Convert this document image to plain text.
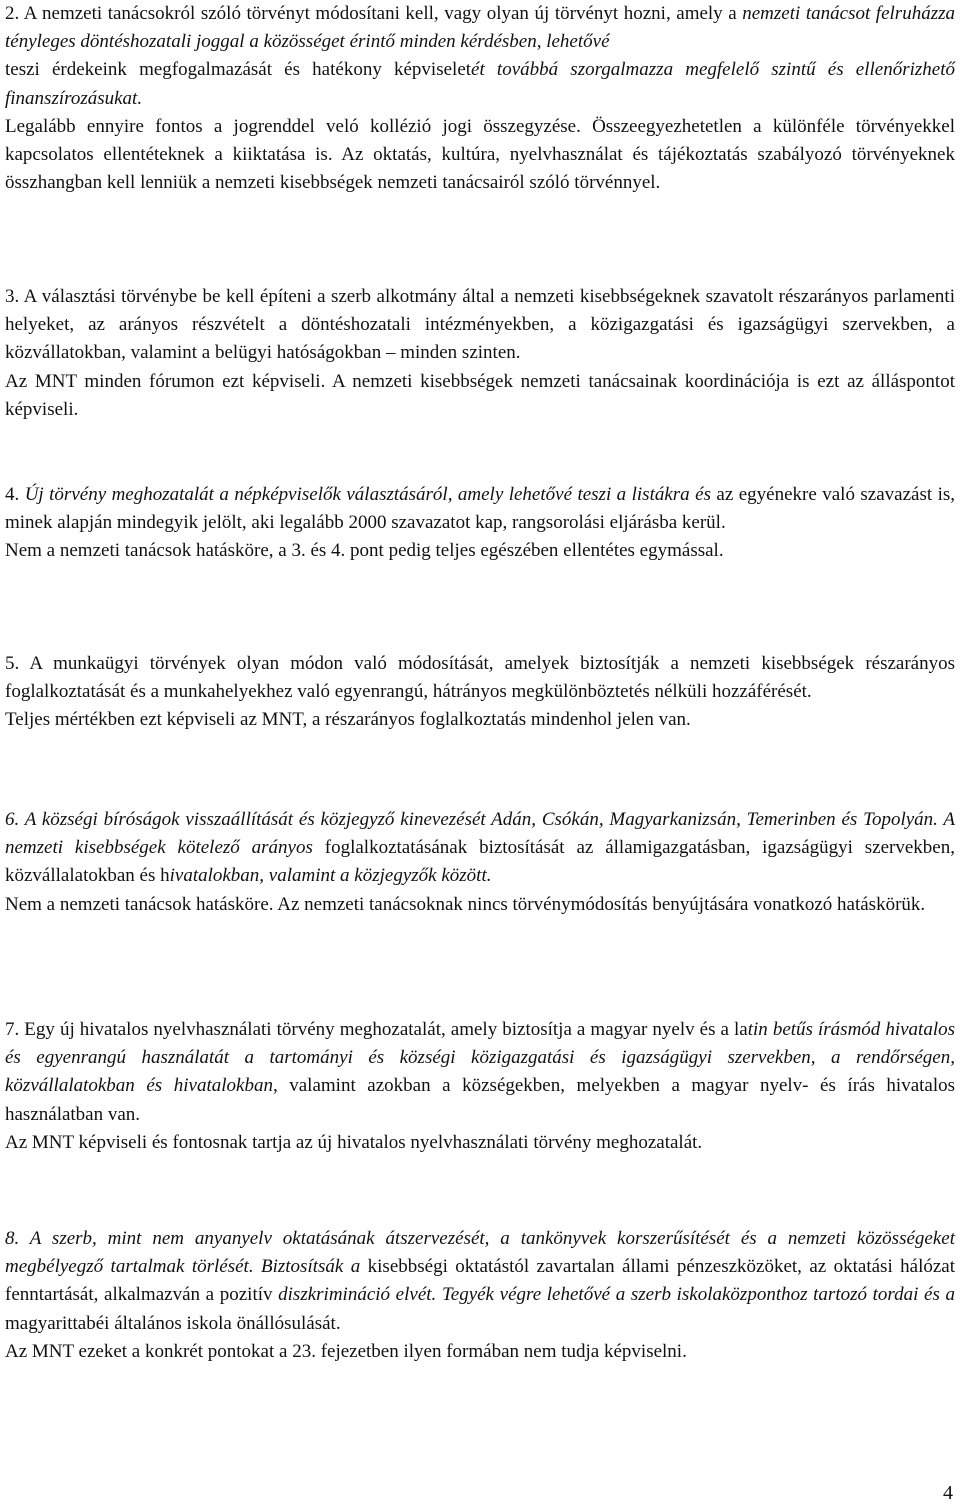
2. A nemzeti tanácsokról szóló törvényt módosítani kell, vagy olyan új törvényt hozni, amely a nemzeti tanácsot felruházza tényleges döntéshozatali joggal a közösséget érintő minden kérdésben, lehetővé
teszi érdekeink megfogalmazását és hatékony képviseletét továbbá szorgalmazza megfelelő szintű és ellenőrizhető finanszírozásukat.

Legalább ennyire fontos a jogrenddel veló kollézió jogi összegyzése. Összeegyezhetetlen a különféle törvényekkel kapcsolatos ellentéteknek a kiiktatása is. Az oktatás, kultúra, nyelvhasználat és tájékoztatás szabályozó törvényeknek összhangban kell lenniük a nemzeti kisebbségek nemzeti tanácsairól szóló törvénnyel.

3. A választási törvénybe be kell építeni a szerb alkotmány által a nemzeti kisebbségeknek szavatolt részarányos parlamenti helyeket, az arányos részvételt a döntéshozatali intézményekben, a közigazgatási és igazságügyi szervekben, a közvállatokban, valamint a belügyi hatóságokban – minden szinten.

Az MNT minden fórumon ezt képviseli. A nemzeti kisebbségek nemzeti tanácsainak koordinációja is ezt az álláspontot képviseli.

4. Új törvény meghozatalát a népképviselők választásáról, amely lehetővé teszi a listákra és az egyénekre való szavazást is, minek alapján mindegyik jelölt, aki legalább 2000 szavazatot kap, rangsorolási eljárásba kerül.

Nem a nemzeti tanácsok hatásköre, a 3. és 4. pont pedig teljes egészében ellentétes egymással.

5. A munkaügyi törvények olyan módon való módosítását, amelyek biztosítják a nemzeti kisebbségek részarányos foglalkoztatását és a munkahelyekhez való egyenrangú, hátrányos megkülönböztetés nélküli hozzáférését.

Teljes mértékben ezt képviseli az MNT, a részarányos foglalkoztatás mindenhol jelen van.

6. A községi bíróságok visszaállítását és közjegyző kinevezését Adán, Csókán, Magyarkanizsán, Temerinben és Topolyán. A nemzeti kisebbségek kötelező arányos foglalkoztatásának biztosítását az államigazgatásban, igazságügyi szervekben, közvállalatokban és hivatalokban, valamint a közjegyzők között.

Nem a nemzeti tanácsok hatásköre. Az nemzeti tanácsoknak nincs törvénymódosítás benyújtására vonatkozó hatáskörük.

7. Egy új hivatalos nyelvhasználati törvény meghozatalát, amely biztosítja a magyar nyelv és a latin betűs írásmód hivatalos és egyenrangú használatát a tartományi és községi közigazgatási és igazságügyi szervekben, a rendőrségen, közvállalatokban és hivatalokban, valamint azokban a községekben, melyekben a magyar nyelv- és írás hivatalos használatban van.

Az MNT képviseli és fontosnak tartja az új hivatalos nyelvhasználati törvény meghozatalát.

8. A szerb, mint nem anyanyelv oktatásának átszervezését, a tankönyvek korszerűsítését és a nemzeti közösségeket megbélyegző tartalmak törlését. Biztosítsák a kisebbségi oktatástól zavartalan állami pénzeszközöket, az oktatási hálózat fenntartását, alkalmazván a pozitív diszkrimináció elvét. Tegyék végre lehetővé a szerb iskolaközponthoz tartozó tordai és a magyarittabéi általános iskola önállósulását.

Az MNT ezeket a konkrét pontokat a 23. fejezetben ilyen formában nem tudja képviselni.

4
